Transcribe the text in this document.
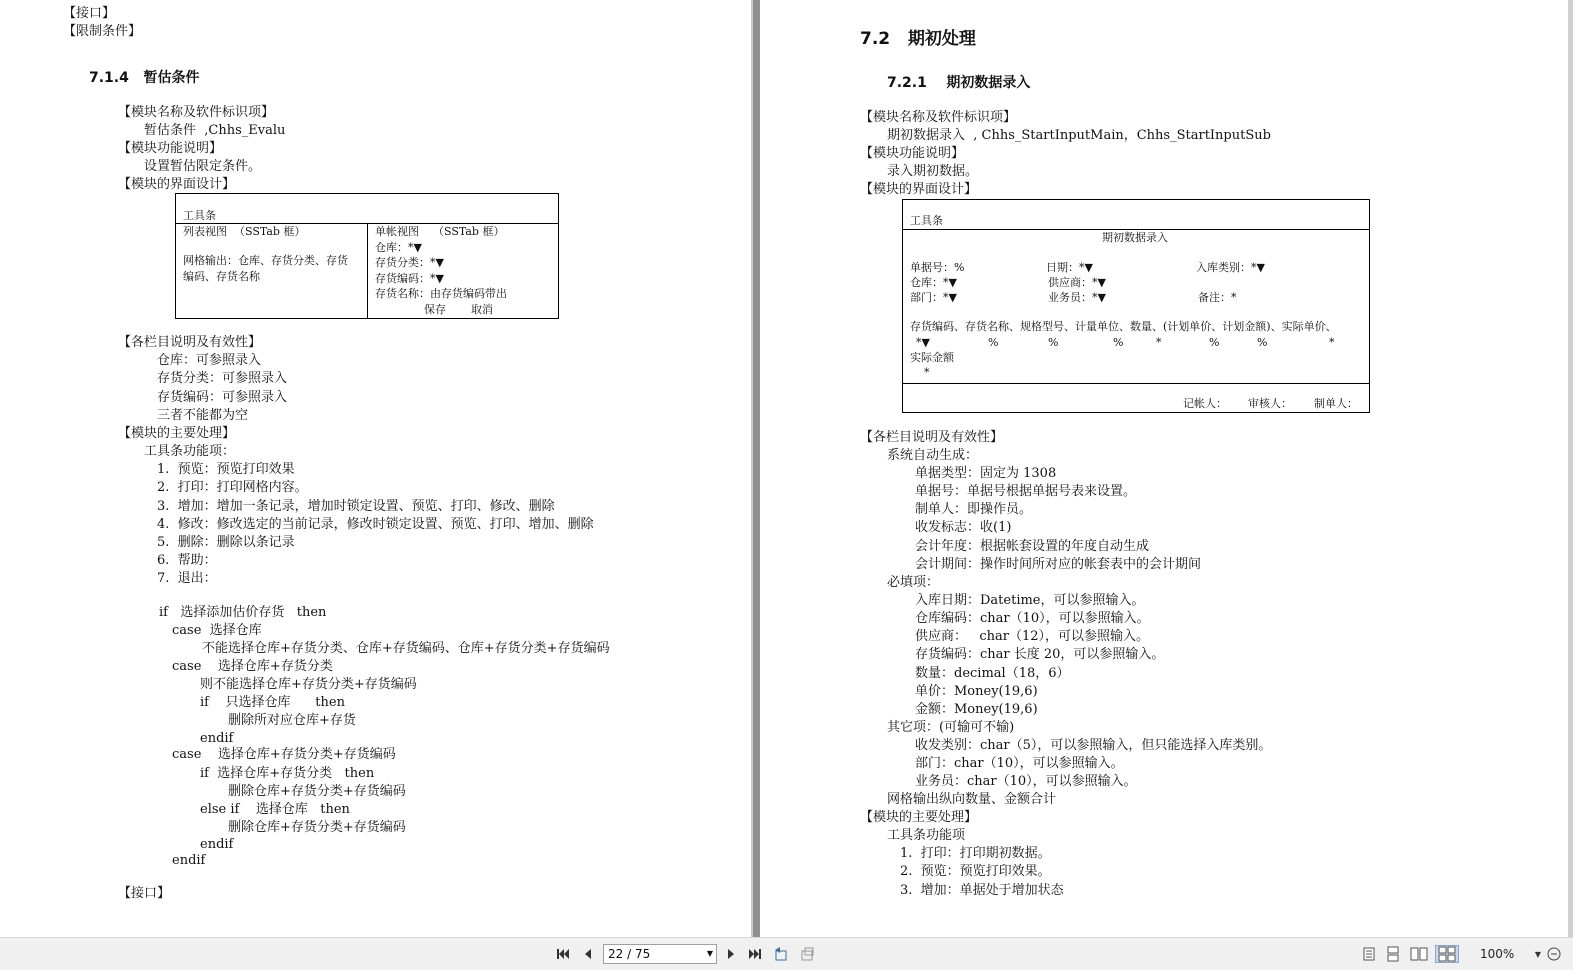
【接口】
【限制条件】
7.1.4   暂估条件
【模块名称及软件标识项】
暂估条件  ,Chhs_Evalu
【模块功能说明】
设置暂估限定条件。
【模块的界面设计】
工具条
列表视图  （SSTab 框）
网格输出：仓库、存货分类、存货
编码、存货名称
单帐视图    （SSTab 框）
仓库：*▼
存货分类：*▼
存货编码：*▼
存货名称：由存货编码带出
保存 取消
【各栏目说明及有效性】
仓库：可参照录入
存货分类：可参照录入
存货编码：可参照录入
三者不能都为空
【模块的主要处理】
工具条功能项：
1.  预览：预览打印效果
2.  打印：打印网格内容。
3.  增加：增加一条记录，增加时锁定设置、预览、打印、修改、删除
4.  修改：修改选定的当前记录，修改时锁定设置、预览、打印、增加、删除
5.  删除：删除以条记录
6.  帮助：
7.  退出：
if   选择添加估价存货   then
case  选择仓库
不能选择仓库+存货分类、仓库+存货编码、仓库+存货分类+存货编码
case    选择仓库+存货分类
则不能选择仓库+存货分类+存货编码
if    只选择仓库      then
删除所对应仓库+存货
endif
case    选择仓库+存货分类+存货编码
if  选择仓库+存货分类   then
删除仓库+存货分类+存货编码
else if    选择仓库   then
删除仓库+存货分类+存货编码
endif
endif
【接口】
7.2   期初处理
7.2.1    期初数据录入
【模块名称及软件标识项】
期初数据录入  , Chhs_StartInputMain，Chhs_StartInputSub
【模块功能说明】
录入期初数据。
【模块的界面设计】
工具条
期初数据录入
单据号：%	日期：*▼	入库类别：*▼
仓库：*▼	供应商：*▼
部门：*▼	业务员：*▼	备注：*
存货编码、存货名称、规格型号、计量单位、数量、(计划单价、计划金额)、实际单价、
*▼	%	%	%	*	%	%	*
实际金额
*
记帐人： 审核人： 制单人：
【各栏目说明及有效性】
系统自动生成：
单据类型：固定为 1308
单据号：单据号根据单据号表来设置。
制单人：即操作员。
收发标志：收(1)
会计年度：根据帐套设置的年度自动生成
会计期间：操作时间所对应的帐套表中的会计期间
必填项：
入库日期：Datetime，可以参照输入。
仓库编码：char（10），可以参照输入。
供应商：   char（12），可以参照输入。
存货编码：char 长度 20，可以参照输入。
数量：decimal（18，6）
单价：Money(19,6)
金额：Money(19,6)
其它项：(可输可不输)
收发类别：char（5），可以参照输入，但只能选择入库类别。
部门：char（10），可以参照输入。
业务员：char（10），可以参照输入。
网格输出纵向数量、金额合计
【模块的主要处理】
工具条功能项
1.  打印：打印期初数据。
2.  预览：预览打印效果。
3.  增加：单据处于增加状态
22 / 75	▼	100%	▼
